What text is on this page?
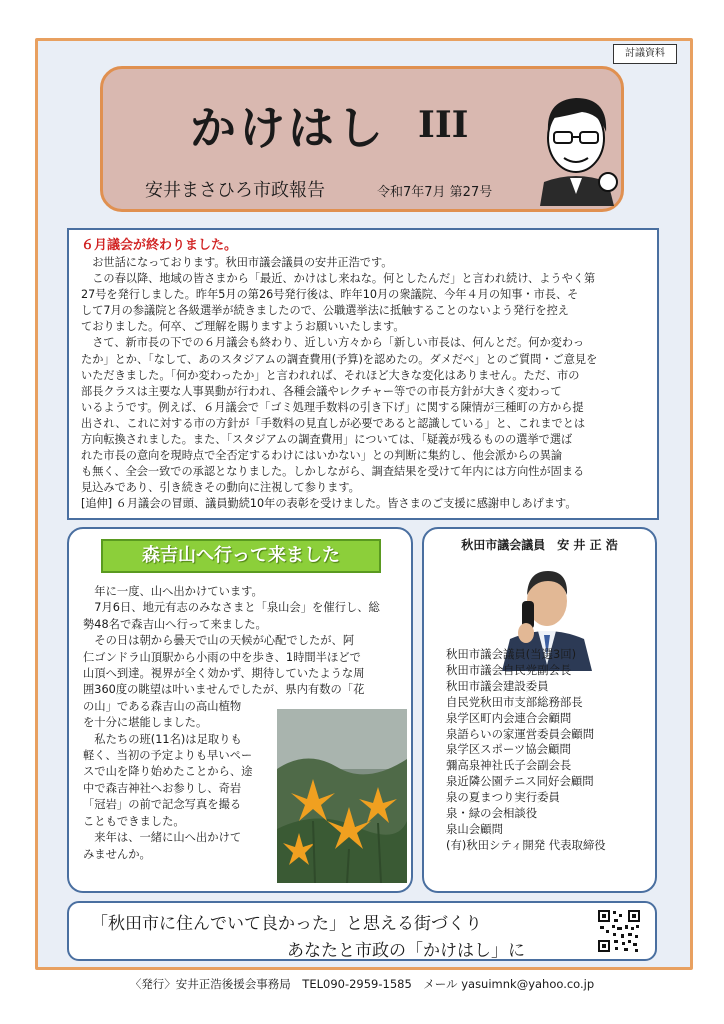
討議資料
かけはし III
安井まさひろ市政報告	令和7年7月 第27号
６月議会が終わりました。

　お世話になっております。秋田市議会議員の安井正浩です。

　この春以降、地域の皆さまから「最近、かけはし来ねな。何としたんだ」と言われ続け、ようやく第

27号を発行しました。昨年5月の第26号発行後は、昨年10月の衆議院、今年４月の知事・市長、そ

して7月の参議院と各級選挙が続きましたので、公職選挙法に抵触することのないよう発行を控え

ておりました。何卒、ご理解を賜りますようお願いいたします。

　さて、新市長の下での６月議会も終わり、近しい方々から「新しい市長は、何んとだ。何か変わっ

たか」とか、「なして、あのスタジアムの調査費用(予算)を認めたの。ダメだべ」とのご質問・ご意見を

いただきました。「何か変わったか」と言われれば、それほど大きな変化はありません。ただ、市の

部長クラスは主要な人事異動が行われ、各種会議やレクチャー等での市長方針が大きく変わって

いるようです。例えば、６月議会で「ゴミ処理手数料の引き下げ」に関する陳情が三種町の方から提

出され、これに対する市の方針が「手数料の見直しが必要であると認識している」と、これまでとは

方向転換されました。また、「スタジアムの調査費用」については、「疑義が残るものの選挙で選ば

れた市長の意向を現時点で全否定するわけにはいかない」との判断に集約し、他会派からの異論

も無く、全会一致での承認となりました。しかしながら、調査結果を受けて年内には方向性が固まる

見込みであり、引き続きその動向に注視して参ります。

[追伸] ６月議会の冒頭、議員勤続10年の表彰を受けました。皆さまのご支援に感謝申しあげます。

森吉山へ行って来ました

　年に一度、山へ出かけています。

　7月6日、地元有志のみなさまと「泉山会」を催行し、総

勢48名で森吉山へ行って来ました。

　その日は朝から曇天で山の天候が心配でしたが、阿

仁ゴンドラ山頂駅から小雨の中を歩き、1時間半ほどで

山頂へ到達。視界が全く効かず、期待していたような周

囲360度の眺望は叶いませんでしたが、県内有数の「花

の山」である森吉山の高山植物

を十分に堪能しました。

　私たちの班(11名)は足取りも

軽く、当初の予定よりも早いペー

スで山を降り始めたことから、途

中で森吉神社へお参りし、奇岩

「冠岩」の前で記念写真を撮る

こともできました。

　来年は、一緒に山へ出かけて

みませんか。

秋田市議会議員　安 井 正 浩
秋田市議会議員(当選3回)
秋田市議会自民党副会長
秋田市議会建設委員
自民党秋田市支部総務部長
泉学区町内会連合会顧問
泉語らいの家運営委員会顧問
泉学区スポーツ協会顧問
彌高泉神社氏子会副会長
泉近隣公園テニス同好会顧問
泉の夏まつり実行委員
泉・緑の会相談役
泉山会顧問
(有)秋田シティ開発 代表取締役
「秋田市に住んでいて良かった」と思える街づくり
あなたと市政の「かけはし」に
〈発行〉安井正浩後援会事務局　TEL090-2959-1585　メール yasuimnk@yahoo.co.jp
